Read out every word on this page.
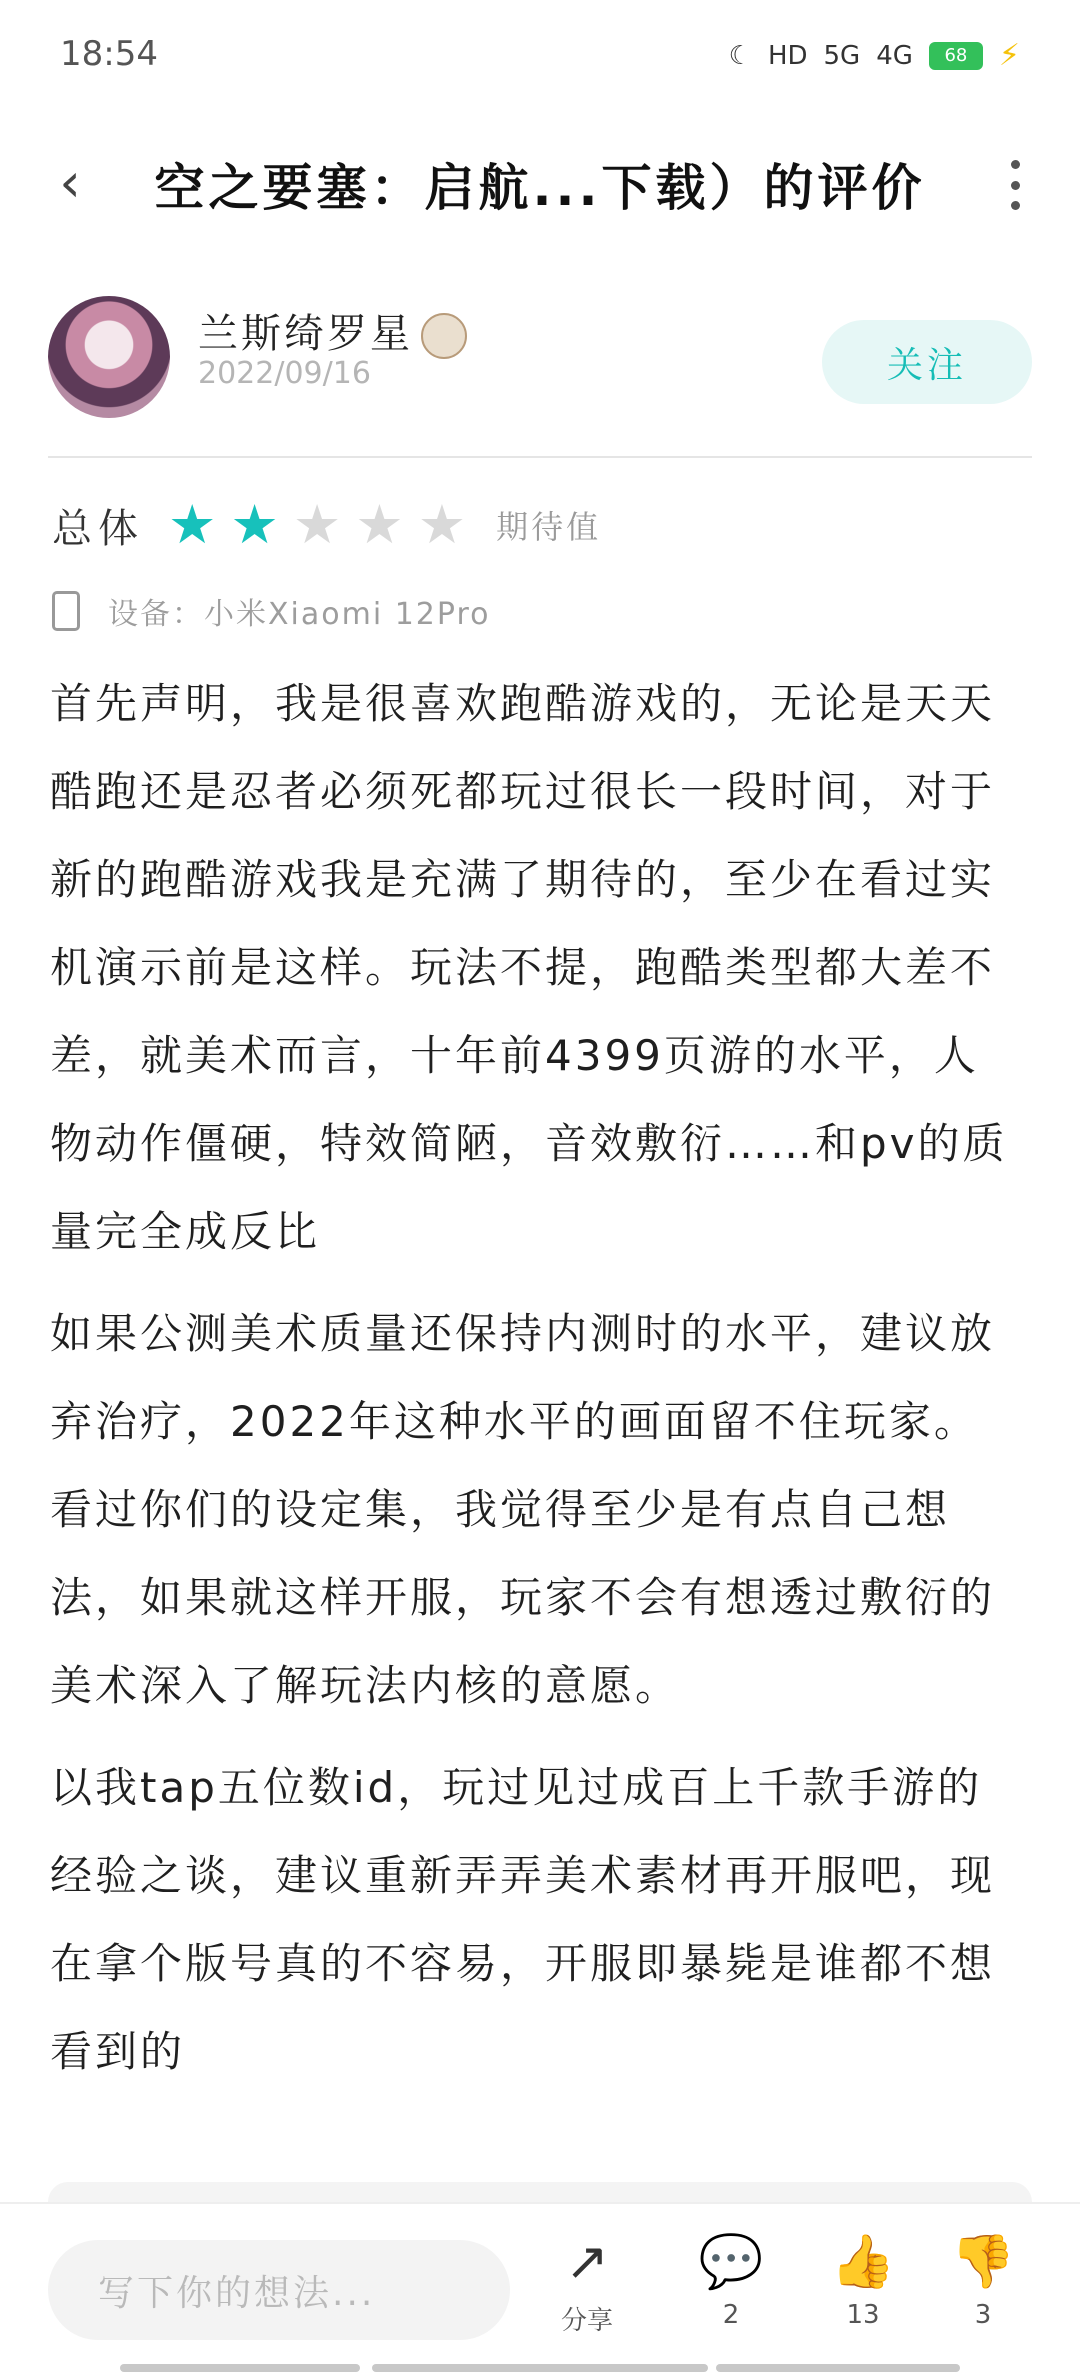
18:54	☾ HD 5G 4G	68	⚡
‹ 空之要塞：启航...下载）的评价
兰斯绮罗星
2022/09/16	关注
总体 ★ ★ ★ ★ ★ 期待值
设备：小米Xiaomi 12Pro

首先声明，我是很喜欢跑酷游戏的，无论是天天酷跑还是忍者必须死都玩过很长一段时间，对于新的跑酷游戏我是充满了期待的，至少在看过实机演示前是这样。玩法不提，跑酷类型都大差不差，就美术而言，十年前4399页游的水平，人物动作僵硬，特效简陋，音效敷衍……和pv的质量完全成反比

如果公测美术质量还保持内测时的水平，建议放弃治疗，2022年这种水平的画面留不住玩家。看过你们的设定集，我觉得至少是有点自己想法，如果就这样开服，玩家不会有想透过敷衍的美术深入了解玩法内核的意愿。

以我tap五位数id，玩过见过成百上千款手游的经验之谈，建议重新弄弄美术素材再开服吧，现在拿个版号真的不容易，开服即暴毙是谁都不想看到的

写下你的想法...
↗
分享
💬
2
👍
13
👎
3
